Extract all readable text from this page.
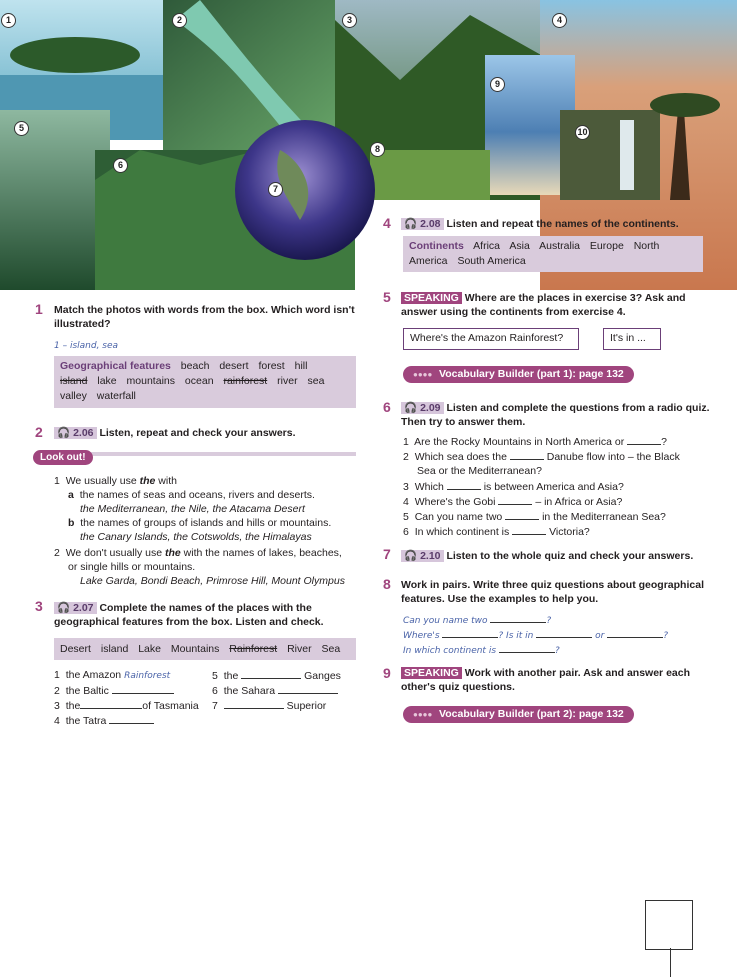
1	2	3	4
5
6
7
8
9
10
1 Match the photos with words from the box. Which word isn't illustrated?
1 – island, sea
Geographical features beach desert forest hill island lake mountains ocean rainforest river sea valley waterfall
2 🎧 2.06 Listen, repeat and check your answers.
Look out!
1 We usually use the with
a the names of seas and oceans, rivers and deserts.
the Mediterranean, the Nile, the Atacama Desert
b the names of groups of islands and hills or mountains.
the Canary Islands, the Cotswolds, the Himalayas
2 We don't usually use the with the names of lakes, beaches,
or single hills or mountains.
Lake Garda, Bondi Beach, Primrose Hill, Mount Olympus
3 🎧 2.07 Complete the names of the places with the geographical features from the box. Listen and check.
Desert island Lake Mountains Rainforest River Sea
1 the Amazon Rainforest
2 the Baltic
3 the	of Tasmania
4 the Tatra
5 the	Ganges
6 the Sahara
7	Superior
4 🎧 2.08 Listen and repeat the names of the continents.
Continents Africa Asia Australia Europe North America South America
5 SPEAKING Where are the places in exercise 3? Ask and answer using the continents from exercise 4.
Where's the Amazon Rainforest?	It's in ...
●●●● Vocabulary Builder (part 1): page 132
6 🎧 2.09 Listen and complete the questions from a radio quiz. Then try to answer them.
1 Are the Rocky Mountains in North America or	?
2 Which sea does the	Danube flow into – the Black
Sea or the Mediterranean?
3 Which	is between America and Asia?
4 Where's the Gobi	– in Africa or Asia?
5 Can you name two	in the Mediterranean Sea?
6 In which continent is	Victoria?
7 🎧 2.10 Listen to the whole quiz and check your answers.
8 Work in pairs. Write three quiz questions about geographical features. Use the examples to help you.
Can you name two	?
Where's	? Is it in	or	?
In which continent is	?
9 SPEAKING Work with another pair. Ask and answer each other's quiz questions.
●●●● Vocabulary Builder (part 2): page 132
